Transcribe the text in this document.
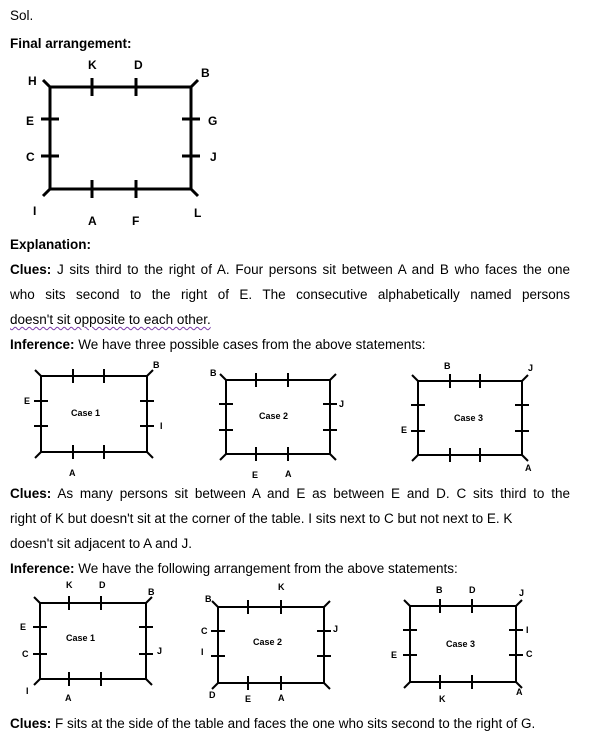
Sol.
Final arrangement:
H
K	D
B
E	G
C	J
I
A	F
L
Explanation:
Clues: J sits third to the right of A. Four persons sit between A and B who faces the one
who sits second to the right of E. The consecutive alphabetically named persons
doesn't sit opposite to each other.
Inference: We have three possible cases from the above statements:
Case 1
B
E
I
A
Case 2
B
J
E	A
Case 3
B	J
E
A
Clues: As many persons sit between A and E as between E and D. C sits third to the
right of K but doesn't sit at the corner of the table. I sits next to C but not next to E. K
doesn't sit adjacent to A and J.
Inference: We have the following arrangement from the above statements:
Case 1
K	D
B
E
C	J
I
A
Case 2
K
B
C	J
I
D	E	A
Case 3
B	D	J
I
E	C
K
A
Clues: F sits at the side of the table and faces the one who sits second to the right of G.
